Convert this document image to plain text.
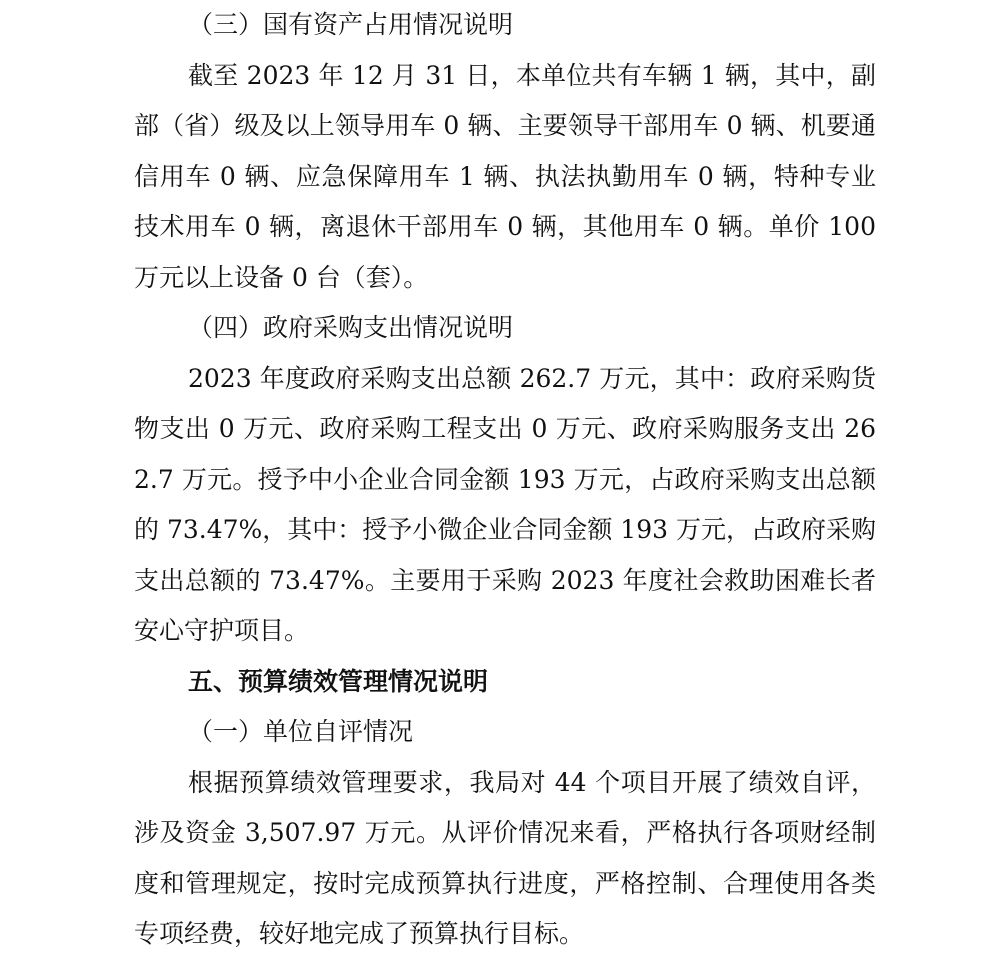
（三）国有资产占用情况说明

截至 2023 年 12 月 31 日，本单位共有车辆 1 辆，其中，副部（省）级及以上领导用车 0 辆、主要领导干部用车 0 辆、机要通信用车 0 辆、应急保障用车 1 辆、执法执勤用车 0 辆，特种专业技术用车 0 辆，离退休干部用车 0 辆，其他用车 0 辆。单价 100 万元以上设备 0 台（套）。

（四）政府采购支出情况说明

2023 年度政府采购支出总额 262.7 万元，其中：政府采购货物支出 0 万元、政府采购工程支出 0 万元、政府采购服务支出 262.7 万元。授予中小企业合同金额 193 万元，占政府采购支出总额的 73.47%，其中：授予小微企业合同金额 193 万元，占政府采购支出总额的 73.47%。主要用于采购 2023 年度社会救助困难长者安心守护项目。

五、预算绩效管理情况说明

（一）单位自评情况

根据预算绩效管理要求，我局对 44 个项目开展了绩效自评，涉及资金 3,507.97 万元。从评价情况来看，严格执行各项财经制度和管理规定，按时完成预算执行进度，严格控制、合理使用各类专项经费，较好地完成了预算执行目标。
